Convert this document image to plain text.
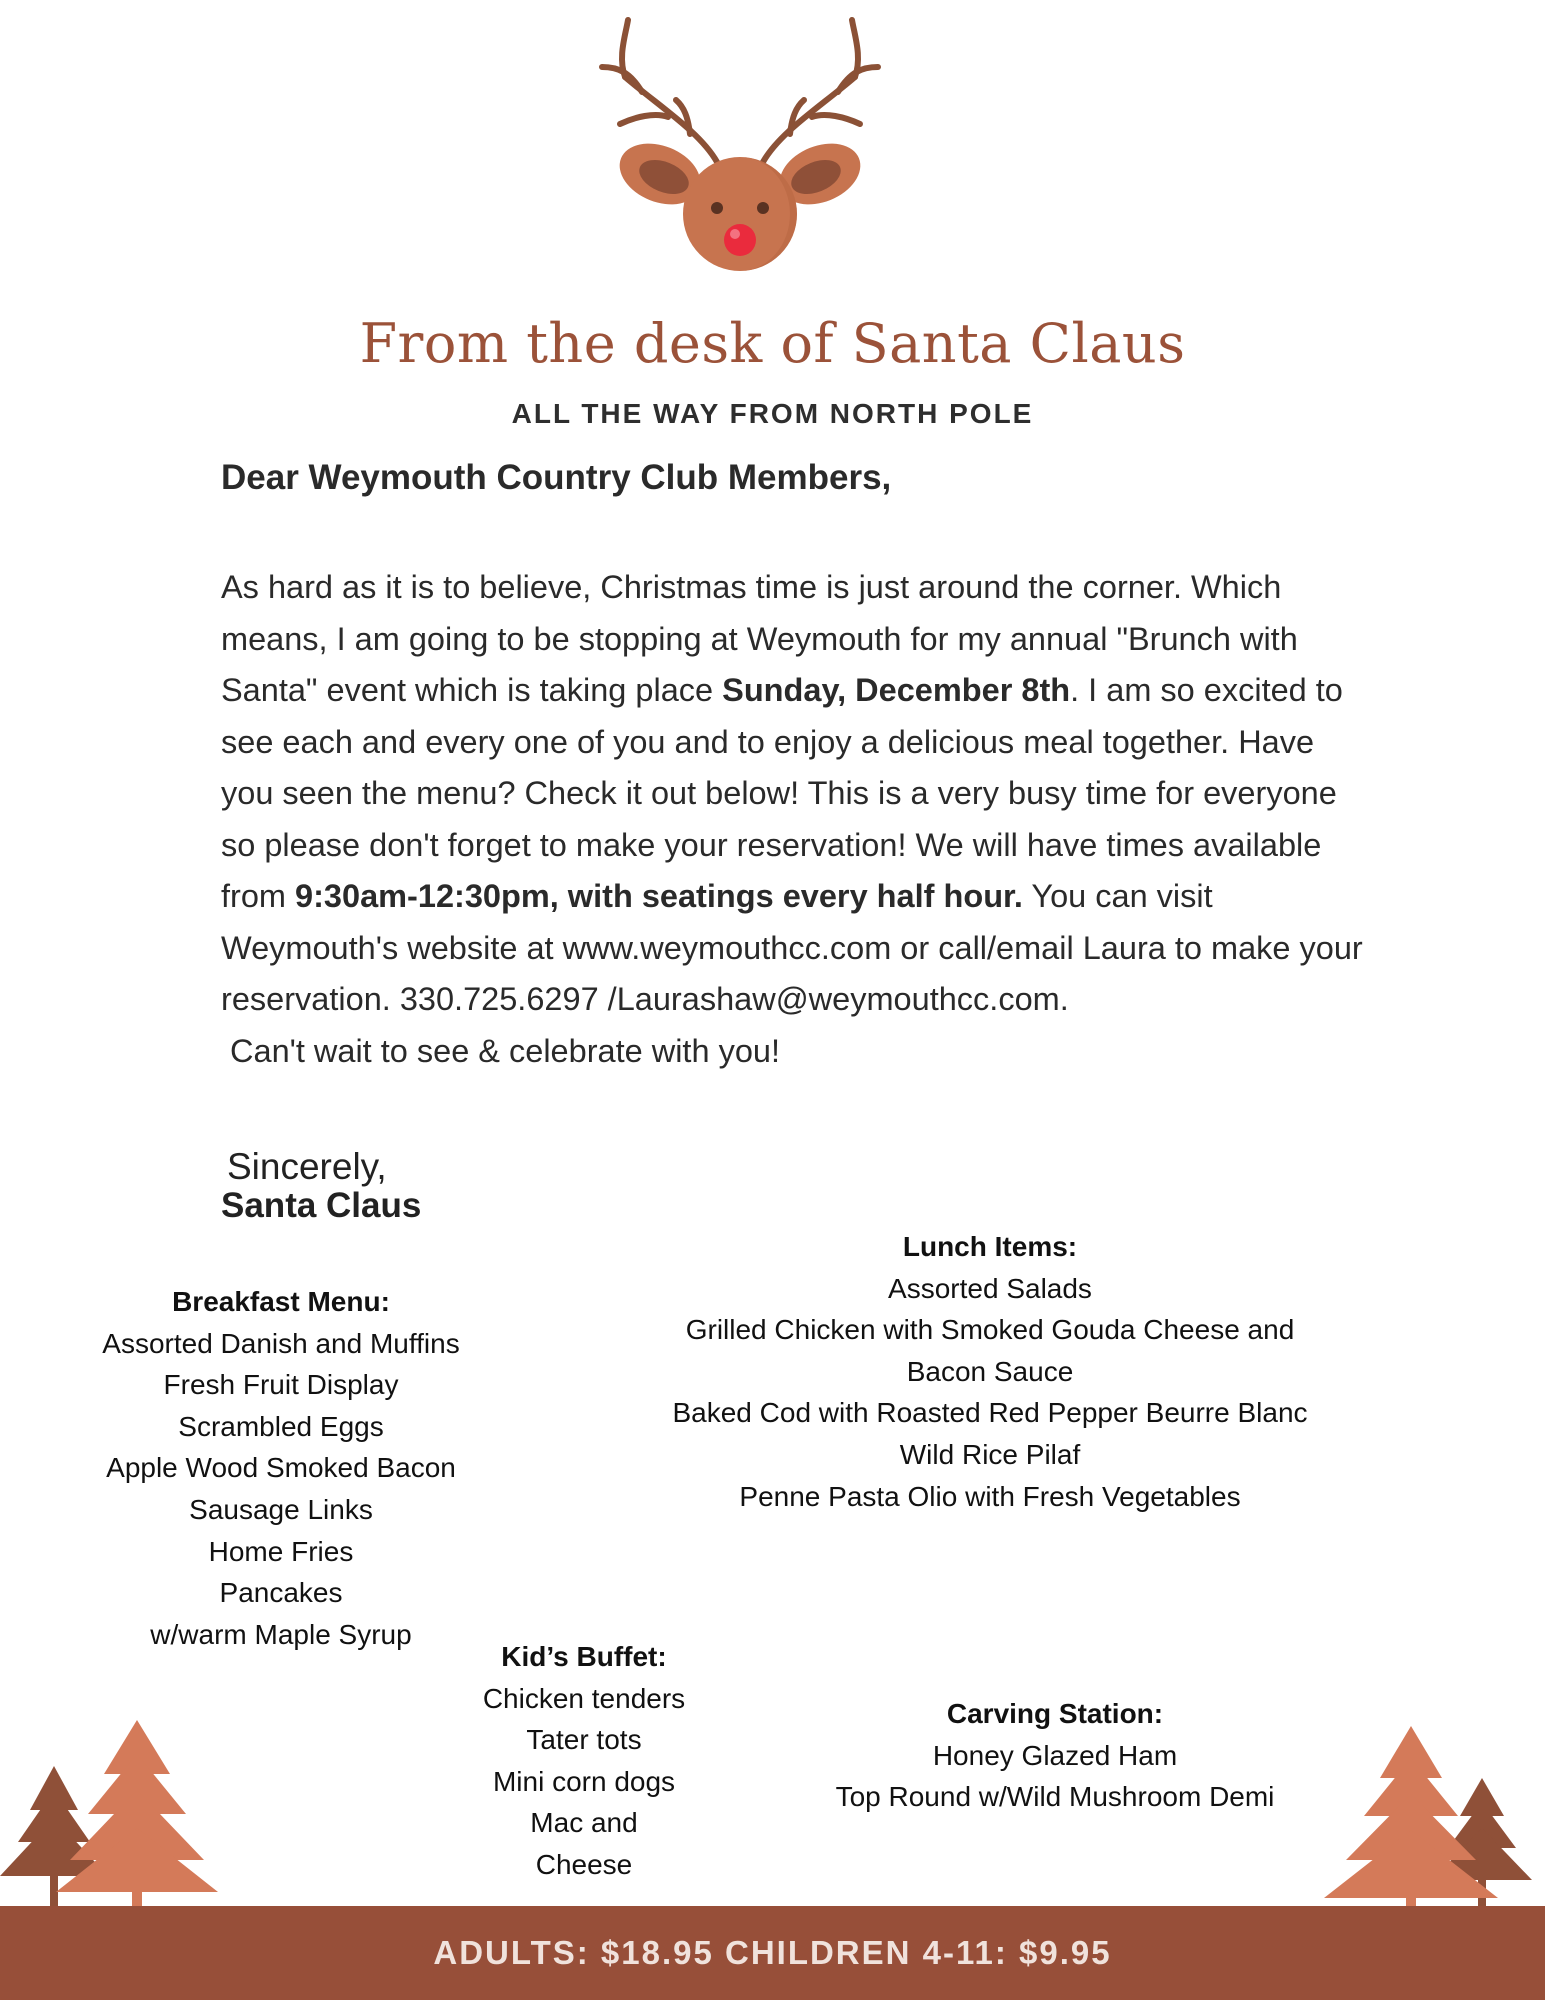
From the desk of Santa Claus
ALL THE WAY FROM NORTH POLE
Dear Weymouth Country Club Members,
As hard as it is to believe, Christmas time is just around the corner. Which means, I am going to be stopping at Weymouth for my annual "Brunch with Santa" event which is taking place Sunday, December 8th. I am so excited to see each and every one of you and to enjoy a delicious meal together. Have you seen the menu? Check it out below! This is a very busy time for everyone so please don't forget to make your reservation! We will have times available from 9:30am-12:30pm, with seatings every half hour. You can visit Weymouth's website at www.weymouthcc.com or call/email Laura to make your reservation. 330.725.6297 /Laurashaw@weymouthcc.com.
Can't wait to see & celebrate with you!
Sincerely,
Santa Claus
Breakfast Menu:
Assorted Danish and Muffins
Fresh Fruit Display
Scrambled Eggs
Apple Wood Smoked Bacon
Sausage Links
Home Fries
Pancakes
w/warm Maple Syrup
Lunch Items:
Assorted Salads
Grilled Chicken with Smoked Gouda Cheese and Bacon Sauce
Baked Cod with Roasted Red Pepper Beurre Blanc
Wild Rice Pilaf
Penne Pasta Olio with Fresh Vegetables
Kid’s Buffet:
Chicken tenders
Tater tots
Mini corn dogs
Mac and
Cheese
Carving Station:
Honey Glazed Ham
Top Round w/Wild Mushroom Demi
ADULTS: $18.95 CHILDREN 4-11: $9.95
